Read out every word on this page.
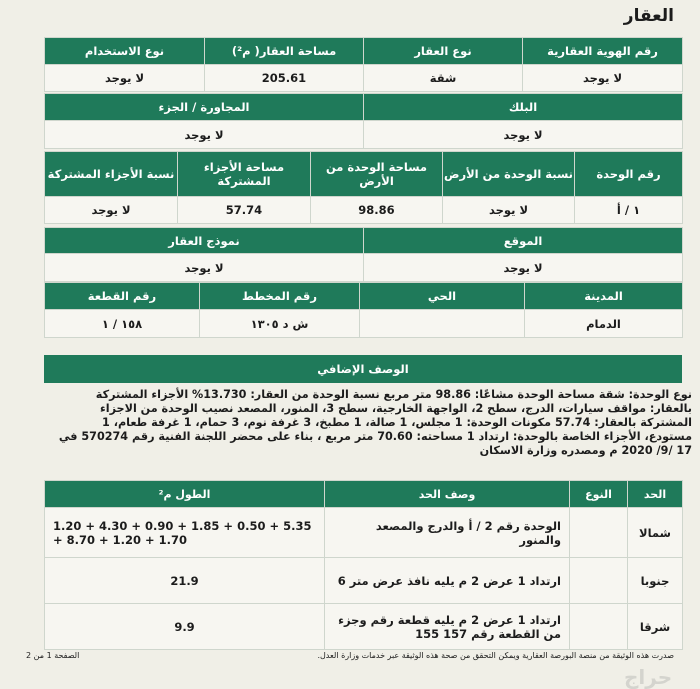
العقار
رقم الهوية العقارية	نوع العقار	مساحة العقار( م²)	نوع الاستخدام
لا يوجد	شقة	205.61	لا يوجد
البلك	المجاورة / الجزء
لا يوجد	لا يوجد
رقم الوحدة	نسبة الوحدة من الأرض	مساحة الوحدة من الأرض	مساحة الأجزاء المشتركة	نسبة الأجزاء المشتركة
١ / أ	لا يوجد	98.86	57.74	لا يوجد
الموقع	نموذج العقار
لا يوجد	لا يوجد
المدينة	الحي	رقم المخطط	رقم القطعة
الدمام		ش د ١٣٠٥	١٥٨ / ١
الوصف الإضافي
نوع الوحدة: شقة مساحة الوحدة مشاعًا: 98.86 متر مربع نسبة الوحدة من العقار: 13.730% الأجزاء المشتركة بالعقار: مواقف سيارات، الدرج، سطح 2، الواجهة الخارجية، سطح 3، المنور، المصعد نصيب الوحدة من الاجزاء المشتركة بالعقار: 57.74 مكونات الوحدة: 1 مجلس، 1 صالة، 1 مطبخ، 3 غرفة نوم، 3 حمام، 1 غرفة طعام، 1 مستودع، الأجزاء الخاصة بالوحدة: ارتداد 1 مساحته: 70.60 متر مربع ، بناء على محضر اللجنة الفنية رقم 570274 في 17 /9/ 2020 م ومصدره وزارة الاسكان
الحد	النوع	وصف الحد	الطول م²
شمالا		الوحدة رقم 2 / أ والدرج والمصعد والمنور	1.20 + 4.30 + 0.90 + 1.85 + 0.50 + 5.35 + 8.70 + 1.20 + 1.70
جنوبا		ارتداد 1 عرض 2 م يليه نافذ عرض متر 6	21.9
شرقا		ارتداد 1 عرض 2 م يليه قطعة رقم وجزء من القطعة رقم 157 155	9.9
صدرت هذه الوثيقة من منصة البورصة العقارية ويمكن التحقق من صحة هذه الوثيقة عبر خدمات وزارة العدل.
الصفحة 1 من 2
حراج
